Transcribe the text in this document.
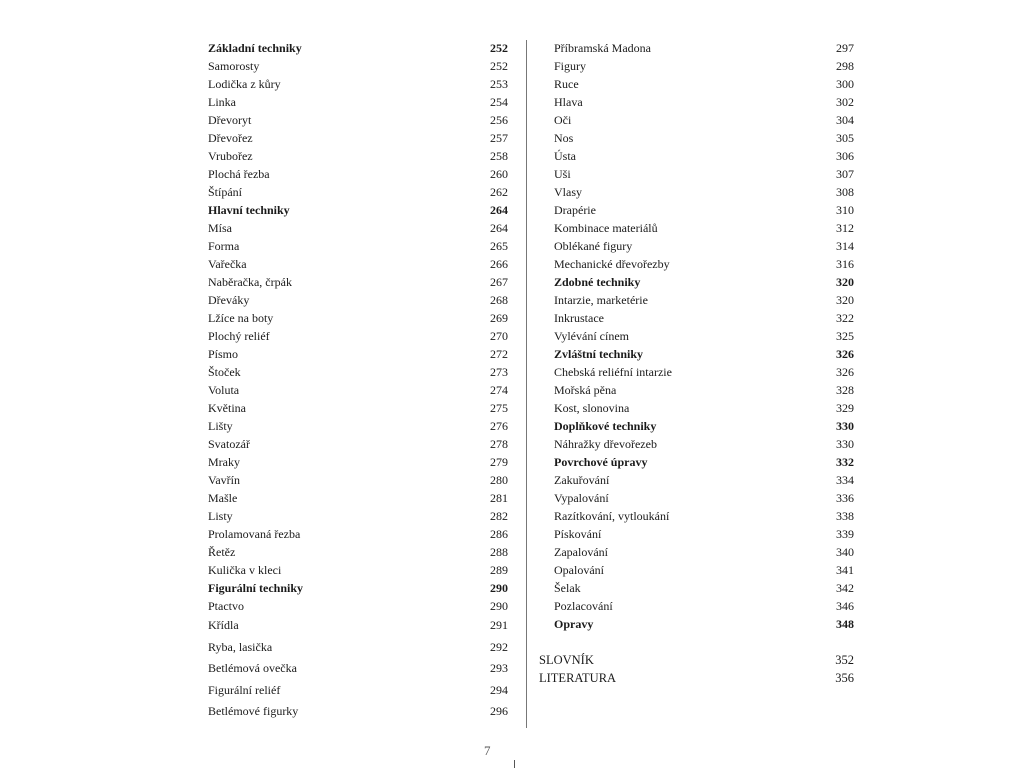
Základní techniky	252
Samorosty	252
Lodička z kůry	253
Linka	254
Dřevoryt	256
Dřevořez	257
Vrubořez	258
Plochá řezba	260
Štípání	262
Hlavní techniky	264
Mísa	264
Forma	265
Vařečka	266
Naběračka, črpák	267
Dřeváky	268
Lžíce na boty	269
Plochý reliéf	270
Písmo	272
Štoček	273
Voluta	274
Květina	275
Lišty	276
Svatozář	278
Mraky	279
Vavřín	280
Mašle	281
Listy	282
Prolamovaná řezba	286
Řetěz	288
Kulička v kleci	289
Figurální techniky	290
Ptactvo	290
Křídla	291
Ryba, lasička	292
Betlémová ovečka	293
Figurální reliéf	294
Betlémové figurky	296
Příbramská Madona	297
Figury	298
Ruce	300
Hlava	302
Oči	304
Nos	305
Ústa	306
Uši	307
Vlasy	308
Drapérie	310
Kombinace materiálů	312
Oblékané figury	314
Mechanické dřevořezby	316
Zdobné techniky	320
Intarzie, marketérie	320
Inkrustace	322
Vylévání cínem	325
Zvláštní techniky	326
Chebská reliéfní intarzie	326
Mořská pěna	328
Kost, slonovina	329
Doplňkové techniky	330
Náhražky dřevořezeb	330
Povrchové úpravy	332
Zakuřování	334
Vypalování	336
Razítkování, vytloukání	338
Pískování	339
Zapalování	340
Opalování	341
Šelak	342
Pozlacování	346
Opravy	348
SLOVNÍK	352
LITERATURA	356
7
